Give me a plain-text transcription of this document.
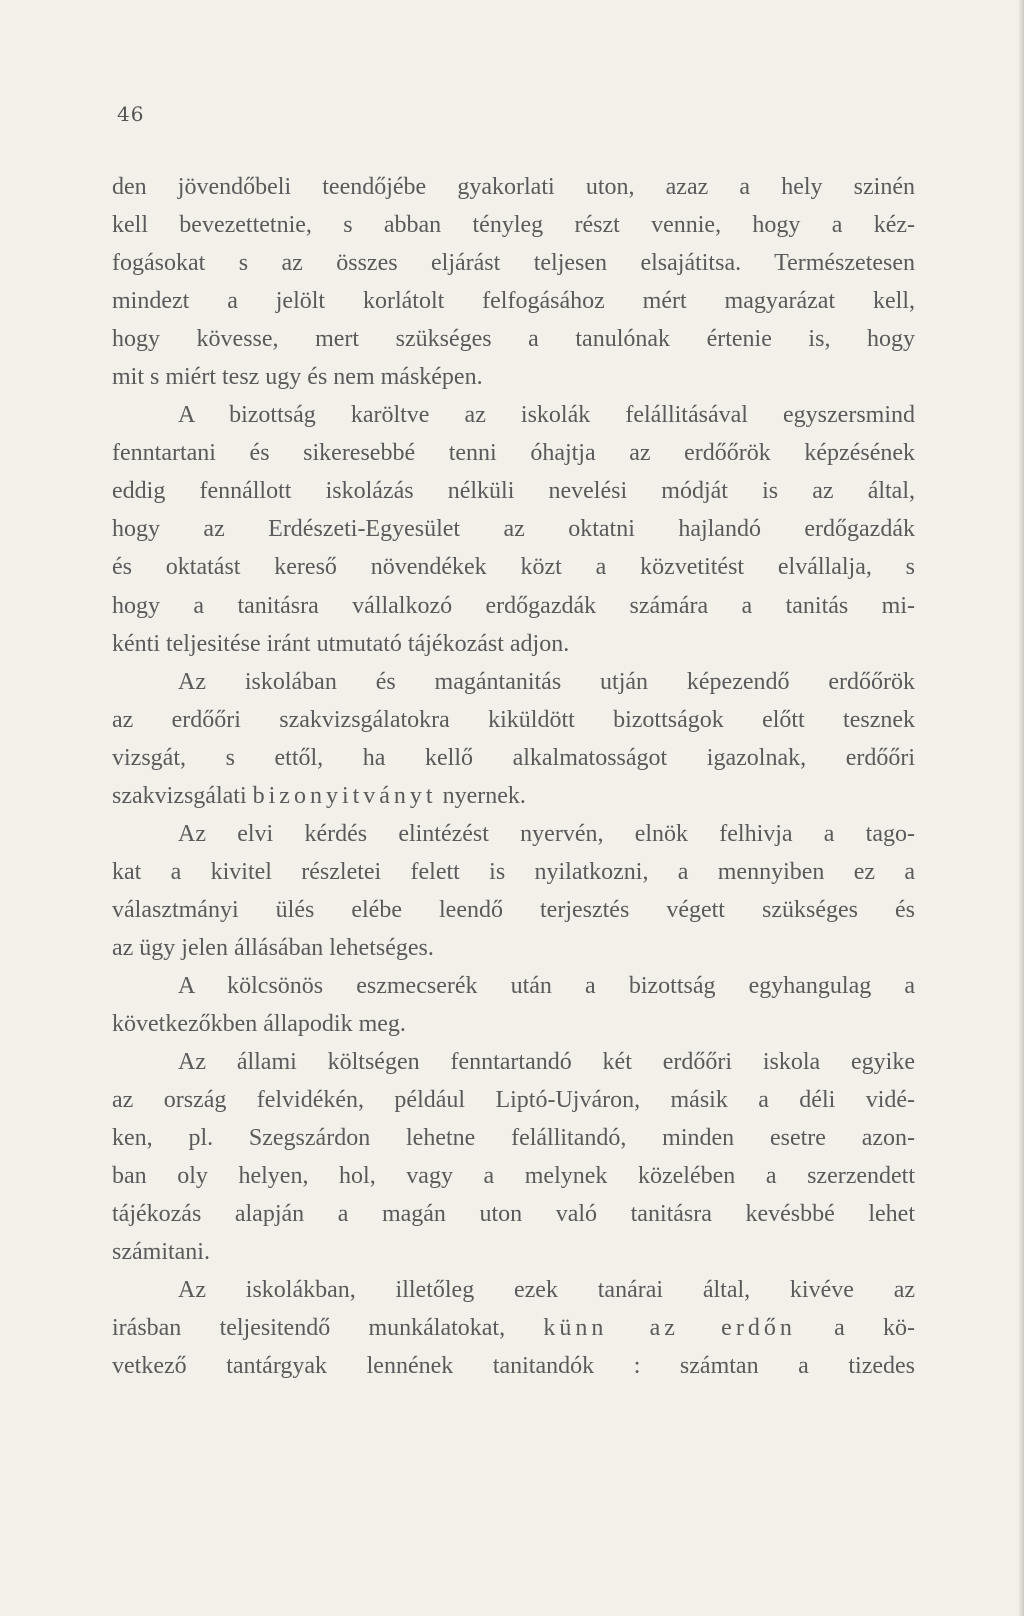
46
den jövendőbeli teendőjébe gyakorlati uton, azaz a hely szinén
kell bevezettetnie, s abban tényleg részt vennie, hogy a kéz-
fogásokat s az összes eljárást teljesen elsajátitsa. Természetesen
mindezt a jelölt korlátolt felfogásához mért magyarázat kell,
hogy kövesse, mert szükséges a tanulónak értenie is, hogy
mit s miért tesz ugy és nem másképen.
A bizottság karöltve az iskolák felállitásával egyszersmind
fenntartani és sikeresebbé tenni óhajtja az erdőőrök képzésének
eddig fennállott iskolázás nélküli nevelési módját is az által,
hogy az Erdészeti-Egyesület az oktatni hajlandó erdőgazdák
és oktatást kereső növendékek közt a közvetitést elvállalja, s
hogy a tanitásra vállalkozó erdőgazdák számára a tanitás mi-
kénti teljesitése iránt utmutató tájékozást adjon.
Az iskolában és magántanitás utján képezendő erdőőrök
az erdőőri szakvizsgálatokra kiküldött bizottságok előtt tesznek
vizsgát, s ettől, ha kellő alkalmatosságot igazolnak, erdőőri
szakvizsgálati bizonyitványt nyernek.
Az elvi kérdés elintézést nyervén, elnök felhivja a tago-
kat a kivitel részletei felett is nyilatkozni, a mennyiben ez a
választmányi ülés elébe leendő terjesztés végett szükséges és
az ügy jelen állásában lehetséges.
A kölcsönös eszmecserék után a bizottság egyhangulag a
következőkben állapodik meg.
Az állami költségen fenntartandó két erdőőri iskola egyike
az ország felvidékén, például Liptó-Ujváron, másik a déli vidé-
ken, pl. Szegszárdon lehetne felállitandó, minden esetre azon-
ban oly helyen, hol, vagy a melynek közelében a szerzendett
tájékozás alapján a magán uton való tanitásra kevésbbé lehet
számitani.
Az iskolákban, illetőleg ezek tanárai által, kivéve az
irásban teljesitendő munkálatokat, künn az erdőn a kö-
vetkező tantárgyak lennének tanitandók : számtan a tizedes
